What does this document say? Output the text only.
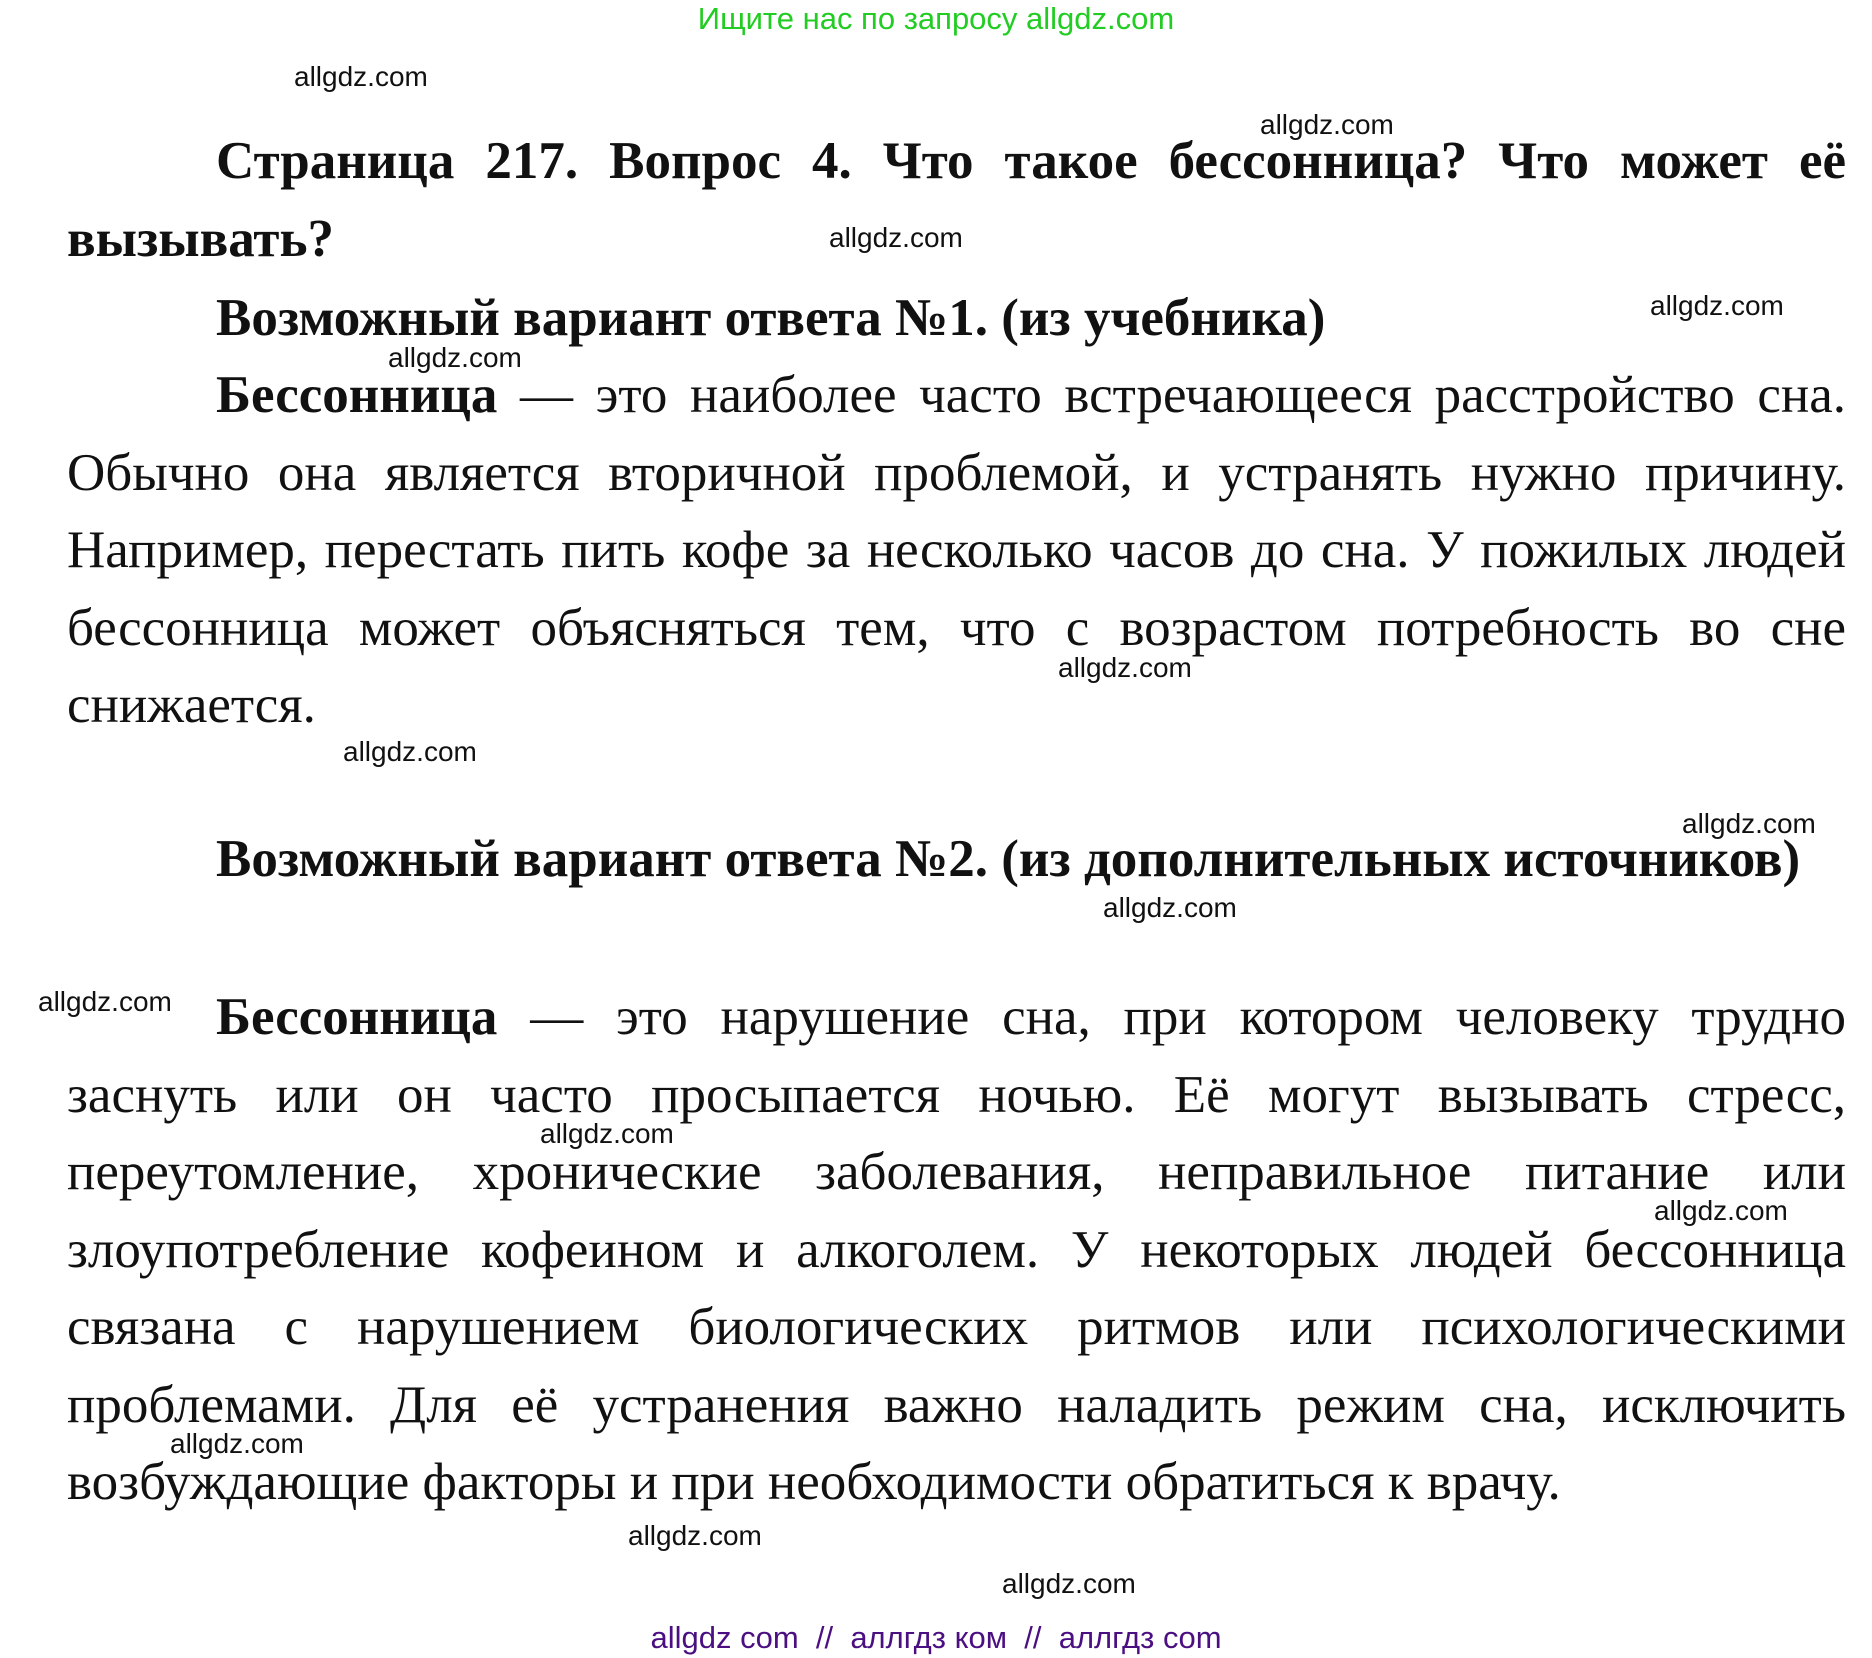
Ищите нас по запросу allgdz.com
Страница 217. Вопрос 4. Что такое бессонница? Что может её вызывать?
Возможный вариант ответа №1. (из учебника)
Бессонница — это наиболее часто встречающееся расстройство сна. Обычно она является вторичной проблемой, и устранять нужно причину. Например, перестать пить кофе за несколько часов до сна. У пожилых людей бессонница может объясняться тем, что с возрастом потребность во сне снижается.
Возможный вариант ответа №2. (из дополнительных источников)
Бессонница — это нарушение сна, при котором человеку трудно заснуть или он часто просыпается ночью. Её могут вызывать стресс, переутомление, хронические заболевания, неправильное питание или злоупотребление кофеином и алкоголем. У некоторых людей бессонница связана с нарушением биологических ритмов или психологическими проблемами. Для её устранения важно наладить режим сна, исключить возбуждающие факторы и при необходимости обратиться к врачу.
allgdz.com
allgdz.com
allgdz.com
allgdz.com
allgdz.com
allgdz.com
allgdz.com
allgdz.com
allgdz.com
allgdz.com
allgdz.com
allgdz.com
allgdz.com
allgdz.com
allgdz.com
allgdz com  //  аллгдз ком  //  аллгдз com
